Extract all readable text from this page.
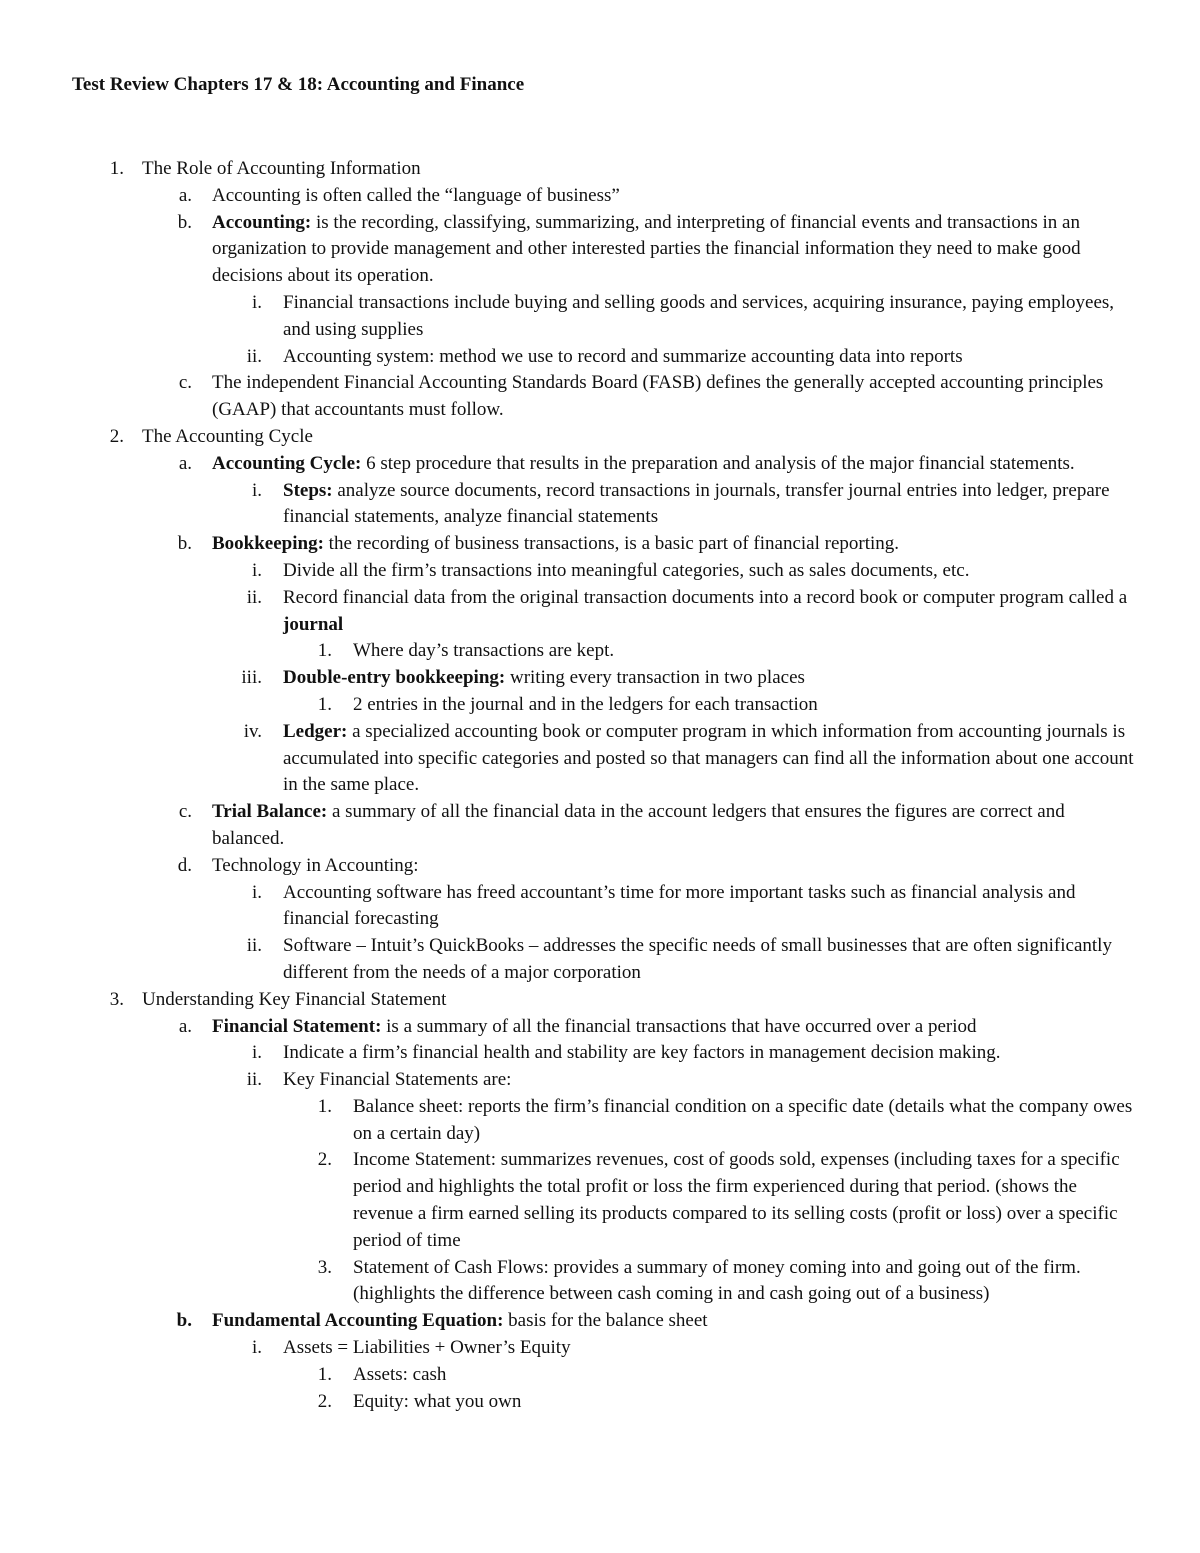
Test Review Chapters 17 & 18: Accounting and Finance
1. The Role of Accounting Information
a. Accounting is often called the “language of business”
b. Accounting: is the recording, classifying, summarizing, and interpreting of financial events and transactions in an organization to provide management and other interested parties the financial information they need to make good decisions about its operation.
i. Financial transactions include buying and selling goods and services, acquiring insurance, paying employees, and using supplies
ii. Accounting system: method we use to record and summarize accounting data into reports
c. The independent Financial Accounting Standards Board (FASB) defines the generally accepted accounting principles (GAAP) that accountants must follow.
2. The Accounting Cycle
a. Accounting Cycle: 6 step procedure that results in the preparation and analysis of the major financial statements.
i. Steps: analyze source documents, record transactions in journals, transfer journal entries into ledger, prepare financial statements, analyze financial statements
b. Bookkeeping: the recording of business transactions, is a basic part of financial reporting.
i. Divide all the firm’s transactions into meaningful categories, such as sales documents, etc.
ii. Record financial data from the original transaction documents into a record book or computer program called a journal
1. Where day’s transactions are kept.
iii. Double-entry bookkeeping: writing every transaction in two places
1. 2 entries in the journal and in the ledgers for each transaction
iv. Ledger: a specialized accounting book or computer program in which information from accounting journals is accumulated into specific categories and posted so that managers can find all the information about one account in the same place.
c. Trial Balance: a summary of all the financial data in the account ledgers that ensures the figures are correct and balanced.
d. Technology in Accounting:
i. Accounting software has freed accountant’s time for more important tasks such as financial analysis and financial forecasting
ii. Software – Intuit’s QuickBooks – addresses the specific needs of small businesses that are often significantly different from the needs of a major corporation
3. Understanding Key Financial Statement
a. Financial Statement: is a summary of all the financial transactions that have occurred over a period
i. Indicate a firm’s financial health and stability are key factors in management decision making.
ii. Key Financial Statements are:
1. Balance sheet: reports the firm’s financial condition on a specific date (details what the company owes on a certain day)
2. Income Statement: summarizes revenues, cost of goods sold, expenses (including taxes for a specific period and highlights the total profit or loss the firm experienced during that period. (shows the revenue a firm earned selling its products compared to its selling costs (profit or loss) over a specific period of time
3. Statement of Cash Flows: provides a summary of money coming into and going out of the firm. (highlights the difference between cash coming in and cash going out of a business)
b. Fundamental Accounting Equation: basis for the balance sheet
i. Assets = Liabilities + Owner’s Equity
1. Assets: cash
2. Equity: what you own
